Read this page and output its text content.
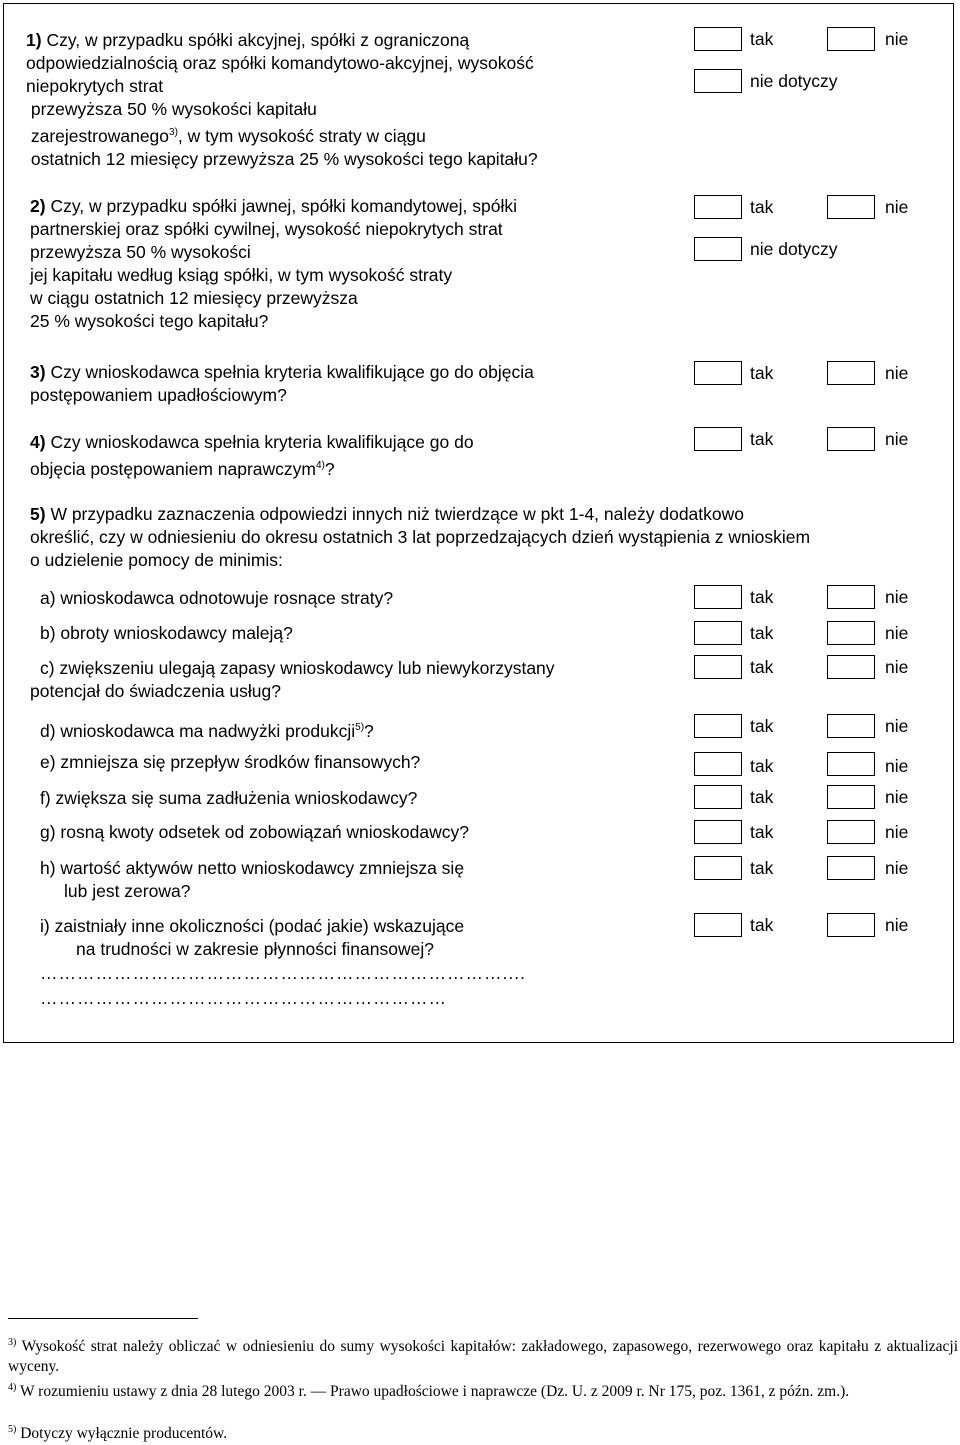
1) Czy, w przypadku spółki akcyjnej, spółki z ograniczoną
odpowiedzialnością oraz spółki komandytowo-akcyjnej, wysokość
niepokrytych strat
przewyższa 50 % wysokości kapitału
zarejestrowanego$^{3)}$, w tym wysokość straty w ciągu
ostatnich 12 miesięcy przewyższa 25 % wysokości tego kapitału?
tak	nie
nie dotyczy
2) Czy, w przypadku spółki jawnej, spółki komandytowej, spółki
partnerskiej oraz spółki cywilnej, wysokość niepokrytych strat
przewyższa 50 % wysokości
jej kapitału według ksiąg spółki, w tym wysokość straty
w ciągu ostatnich 12 miesięcy przewyższa
25 % wysokości tego kapitału?
tak	nie
nie dotyczy
3) Czy wnioskodawca spełnia kryteria kwalifikujące go do objęcia
postępowaniem upadłościowym?
tak	nie
4) Czy wnioskodawca spełnia kryteria kwalifikujące go do
objęcia postępowaniem naprawczym$^{4)}$?
tak	nie
5) W przypadku zaznaczenia odpowiedzi innych niż twierdzące w pkt 1-4, należy dodatkowo
określić, czy w odniesieniu do okresu ostatnich 3 lat poprzedzających dzień wystąpienia z wnioskiem
o udzielenie pomocy de minimis:
a) wnioskodawca odnotowuje rosnące straty?	tak	nie
b) obroty wnioskodawcy maleją?	tak	nie
c) zwiększeniu ulegają zapasy wnioskodawcy lub niewykorzystany
potencjał do świadczenia usług?
tak	nie
d) wnioskodawca ma nadwyżki produkcji$^{5)}$?	tak	nie
e) zmniejsza się przepływ środków finansowych?	tak	nie
f) zwiększa się suma zadłużenia wnioskodawcy?	tak	nie
g) rosną kwoty odsetek od zobowiązań wnioskodawcy?	tak	nie
h) wartość aktywów netto wnioskodawcy zmniejsza się
lub jest zerowa?
tak	nie
i) zaistniały inne okoliczności (podać jakie) wskazujące
na trudności w zakresie płynności finansowej?
tak	nie
…………………………………………………………………....
…………………………………………………………
$^{3)}$ Wysokość strat należy obliczać w odniesieniu do sumy wysokości kapitałów: zakładowego, zapasowego, rezerwowego oraz kapitału z aktualizacji wyceny.
$^{4)}$ W rozumieniu ustawy z dnia 28 lutego 2003 r. ― Prawo upadłościowe i naprawcze (Dz. U. z 2009 r. Nr 175, poz. 1361, z późn. zm.).
$^{5)}$ Dotyczy wyłącznie producentów.
